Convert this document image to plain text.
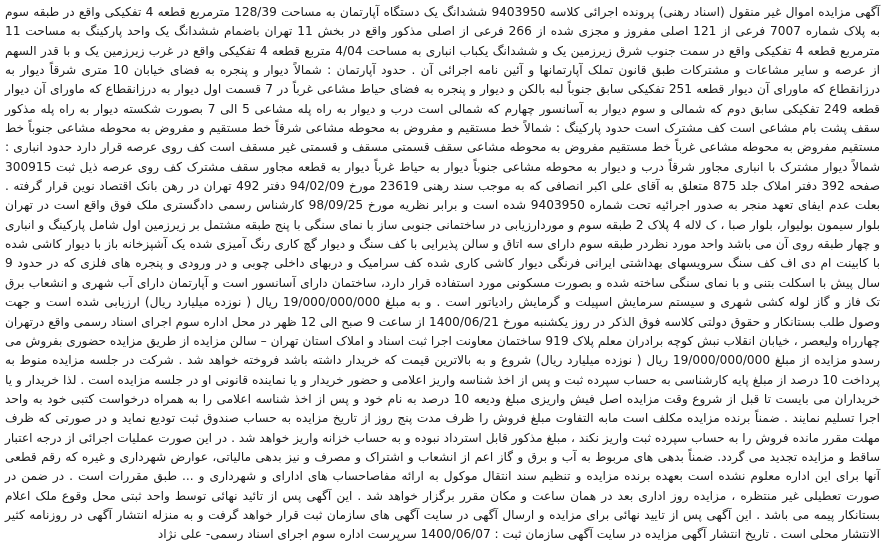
آگهی مزایده اموال غیر منقول (اسناد رهنی) پرونده اجرائی کلاسه 9403950 ششدانگ یک دستگاه آپارتمان به مساحت 128/39 مترمربع قطعه 4 تفکیکی واقع در طبقه سوم به پلاک شماره 7007 فرعی از 121 اصلی مفروز و مجزی شده از 266 فرعی از اصلی مذکور واقع در بخش 11 تهران باضمام ششدانگ یک واحد پارکینگ به مساحت 11 مترمربع قطعه 4 تفکیکی واقع در سمت جنوب شرق زیرزمین یک و ششدانگ یکباب انباری به مساحت 4/04 متربع قطعه 4 تفکیکی واقع در غرب زیرزمین یک و با قدر السهم از عرصه و سایر مشاعات و مشترکات طبق قانون تملک آپارتمانها و آئین نامه اجرائی آن . حدود آپارتمان : شمالاً دیوار و پنجره به فضای خیابان 10 متری شرقاً دیوار به درزانقطاع که ماورای آن دیوار قطعه 251 تفکیکی سابق جنوباً لبه بالکن و دیوار و پنجره به فضای حیاط مشاعی غرباً در 7 قسمت اول دیوار به درزانقطاع که ماورای آن دیوار قطعه 249 تفکیکی سابق دوم که شمالی و سوم دیوار به آسانسور چهارم که شمالی است درب و دیوار به راه پله مشاعی 5 الی 7 بصورت شکسته دیوار به راه پله مذکور سقف پشت بام مشاعی است کف مشترک است حدود پارکینگ : شمالاً خط مستقیم و مفروض به محوطه مشاعی شرقاً خط مستقیم و مفروض به محوطه مشاعی جنوباً خط مستقیم مفروض به محوطه مشاعی غرباً خط مستقیم مفروض به محوطه مشاعی سقف قسمتی مسقف و قسمتی غیر مسقف است کف روی عرصه قرار دارد حدود انباری : شمالاً دیوار مشترک با انباری مجاور شرقاً درب و دیوار به محوطه مشاعی جنوباً دیوار به حیاط غرباً دیوار به قطعه مجاور سقف مشترک کف روی عرصه ذیل ثبت 300915 صفحه 392 دفتر املاک جلد 875 متعلق به آقای علی اکبر انصافی که به موجب سند رهنی 23619 مورخ 94/02/09 دفتر 492 تهران در رهن بانک اقتصاد نوین قرار گرفته . بعلت عدم ایفای تعهد منجر به صدور اجرائیه تحت شماره 9403950 شده است و برابر نظریه مورخ 98/09/25 کارشناس رسمی دادگستری ملک فوق واقع است در تهران بلوار سیمون بولیوار، بلوار صبا ، ک لاله 4 پلاک 2 طبقه سوم و موردارزیابی در ساختمانی جنوبی ساز با نمای سنگی با پنج طبقه مشتمل بر زیرزمین اول شامل پارکینگ و انباری و چهار طبقه روی آن می باشد واحد مورد نظردر طبقه سوم دارای سه اتاق و سالن پذیرایی با کف سنگ و دیوار گچ کاری رنگ آمیزی شده یک آشپزخانه باز با دیوار کاشی شده با کابینت ام دی اف کف سنگ سرویسهای بهداشتی ایرانی فرنگی دیوار کاشی کاری شده کف سرامیک و دربهای داخلی چوبی و در ورودی و پنجره های فلزی که در حدود 9 سال پیش با اسکلت بتنی و با نمای سنگی ساخته شده و بصورت مسکونی مورد استفاده قرار دارد، ساختمان دارای آسانسور است و آپارتمان دارای آب شهری و انشعاب برق تک فاز و گاز لوله کشی شهری و سیستم سرمایش اسپیلت و گرمایش رادیاتور است . و به مبلغ 19/000/000/000 ریال ( نوزده میلیارد ریال) ارزیابی شده است و جهت وصول طلب بستانکار و حقوق دولتی کلاسه فوق الذکر در روز یکشنبه مورخ 1400/06/21 از ساعت 9 صبح الی 12 ظهر در محل اداره سوم اجرای اسناد رسمی واقع درتهران چهارراه ولیعصر ، خیابان انقلاب نبش کوچه برادران معلم پلاک 919 ساختمان معاونت اجرا ثبت اسناد و املاک استان تهران – سالن مزایده از طریق مزایده حضوری بفروش می رسدو مزایده از مبلغ 19/000/000/000 ریال ( نوزده میلیارد ریال) شروع و به بالاترین قیمت که خریدار داشته باشد فروخته خواهد شد . شرکت در جلسه مزایده منوط به پرداخت 10 درصد از مبلغ پایه کارشناسی به حساب سپرده ثبت و پس از اخذ شناسه واریز اعلامی و حضور خریدار و یا نماینده قانونی او در جلسه مزایده است . لذا خریدار و یا خریداران می بایست تا قبل از شروع وقت مزایده اصل فیش واریزی مبلغ ودیعه 10 درصد به نام خود و پس از اخذ شناسه اعلامی را به همراه درخواست کتبی خود به واحد اجرا تسلیم نمایند . ضمناً برنده مزایده مکلف است مابه التفاوت مبلغ فروش را ظرف مدت پنج روز از تاریخ مزایده به حساب صندوق ثبت تودیع نماید و در صورتی که ظرف مهلت مقرر مانده فروش را به حساب سپرده ثبت واریز نکند ، مبلغ مذکور قابل استرداد نبوده و به حساب خزانه واریز خواهد شد . در این صورت عملیات اجرائی از درجه اعتبار ساقط و مزایده تجدید می گردد. ضمناً بدهی های مربوط به آب و برق و گاز اعم از انشعاب و اشتراک و مصرف و نیز بدهی مالیاتی، عوارض شهرداری و غیره که رقم قطعی آنها برای این اداره معلوم نشده است بعهده برنده مزایده و تنظیم سند انتقال موکول به ارائه مفاصاحساب های ادارای و شهرداری و ... طبق مقررات است . در ضمن در صورت تعطیلی غیر منتظره ، مزایده روز اداری بعد در همان ساعت و مکان مقرر برگزار خواهد شد . این آگهی پس از تائید نهائی توسط واحد ثبتی محل وقوع ملک اعلام بستانکار پیمه می باشد . این آگهی پس از تایید نهائی برای مزایده و ارسال آگهی در سایت آگهی های سازمان ثبت قرار خواهد گرفت و به منزله انتشار آگهی در روزنامه کثیر الانتشار محلی است . تاریخ انتشار آگهی مزایده در سایت آگهی سازمان ثبت : 1400/06/07 سرپرست اداره سوم اجرای اسناد رسمی- علی نژاد
